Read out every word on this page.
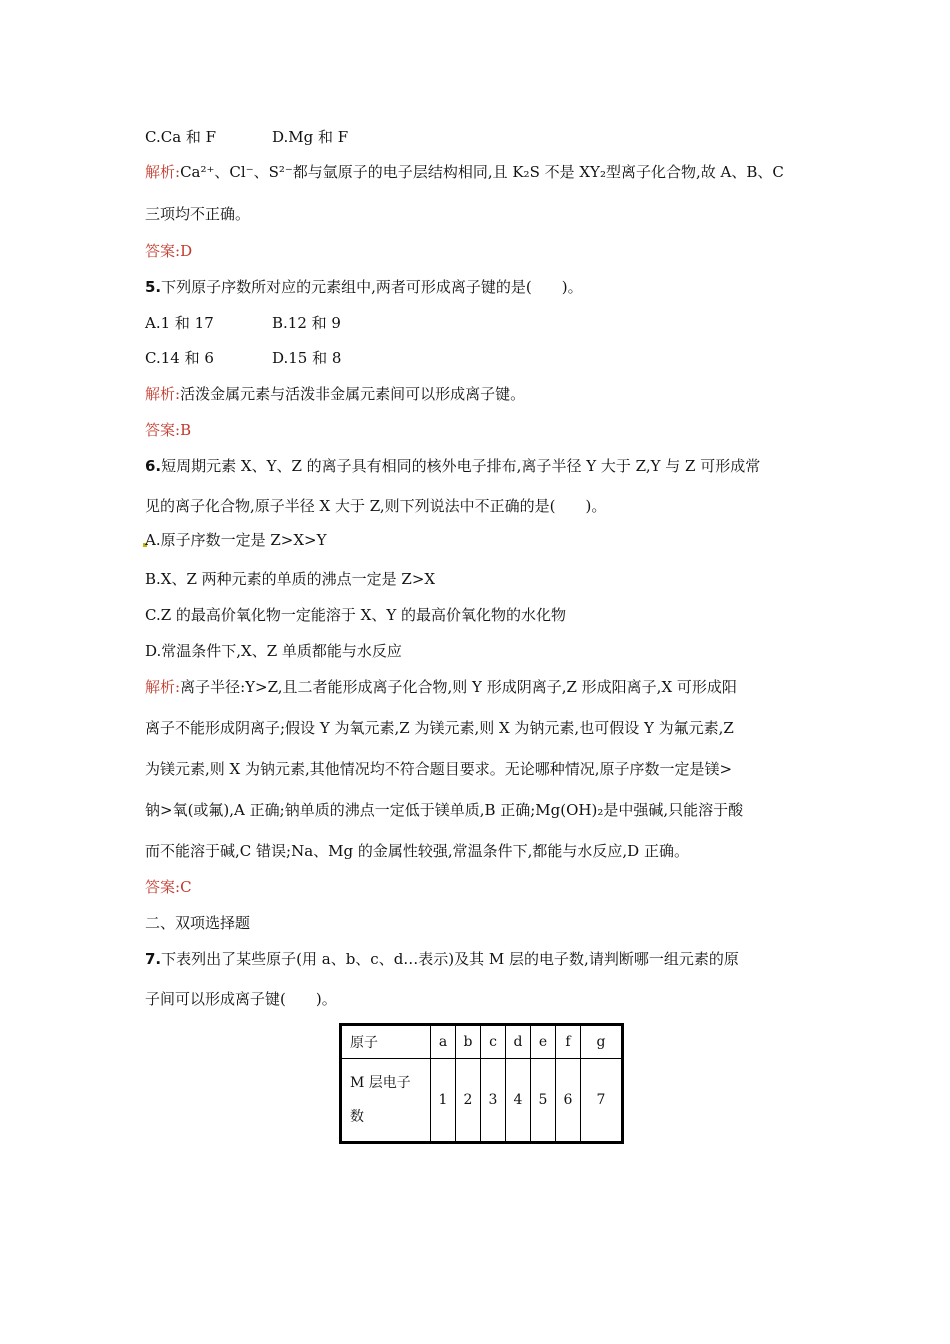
C.Ca 和 F	D.Mg 和 F
解析:Ca²⁺、Cl⁻、S²⁻都与氩原子的电子层结构相同,且 K₂S 不是 XY₂型离子化合物,故 A、B、C
三项均不正确。
答案:D
5.下列原子序数所对应的元素组中,两者可形成离子键的是(　　)。
A.1 和 17	B.12 和 9
C.14 和 6	D.15 和 8
解析:活泼金属元素与活泼非金属元素间可以形成离子键。
答案:B
6.短周期元素 X、Y、Z 的离子具有相同的核外电子排布,离子半径 Y 大于 Z,Y 与 Z 可形成常
见的离子化合物,原子半径 X 大于 Z,则下列说法中不正确的是(　　)。
A.原子序数一定是 Z>X>Y
B.X、Z 两种元素的单质的沸点一定是 Z>X
C.Z 的最高价氧化物一定能溶于 X、Y 的最高价氧化物的水化物
D.常温条件下,X、Z 单质都能与水反应
解析:离子半径:Y>Z,且二者能形成离子化合物,则 Y 形成阴离子,Z 形成阳离子,X 可形成阳
离子不能形成阴离子;假设 Y 为氧元素,Z 为镁元素,则 X 为钠元素,也可假设 Y 为氟元素,Z
为镁元素,则 X 为钠元素,其他情况均不符合题目要求。无论哪种情况,原子序数一定是镁>
钠>氧(或氟),A 正确;钠单质的沸点一定低于镁单质,B 正确;Mg(OH)₂是中强碱,只能溶于酸
而不能溶于碱,C 错误;Na、Mg 的金属性较强,常温条件下,都能与水反应,D 正确。
答案:C
二、双项选择题
7.下表列出了某些原子(用 a、b、c、d…表示)及其 M 层的电子数,请判断哪一组元素的原
子间可以形成离子键(　　)。
原子	a	b	c	d	e	f	g

M 层电子
数	1	2	3	4	5	6	7
